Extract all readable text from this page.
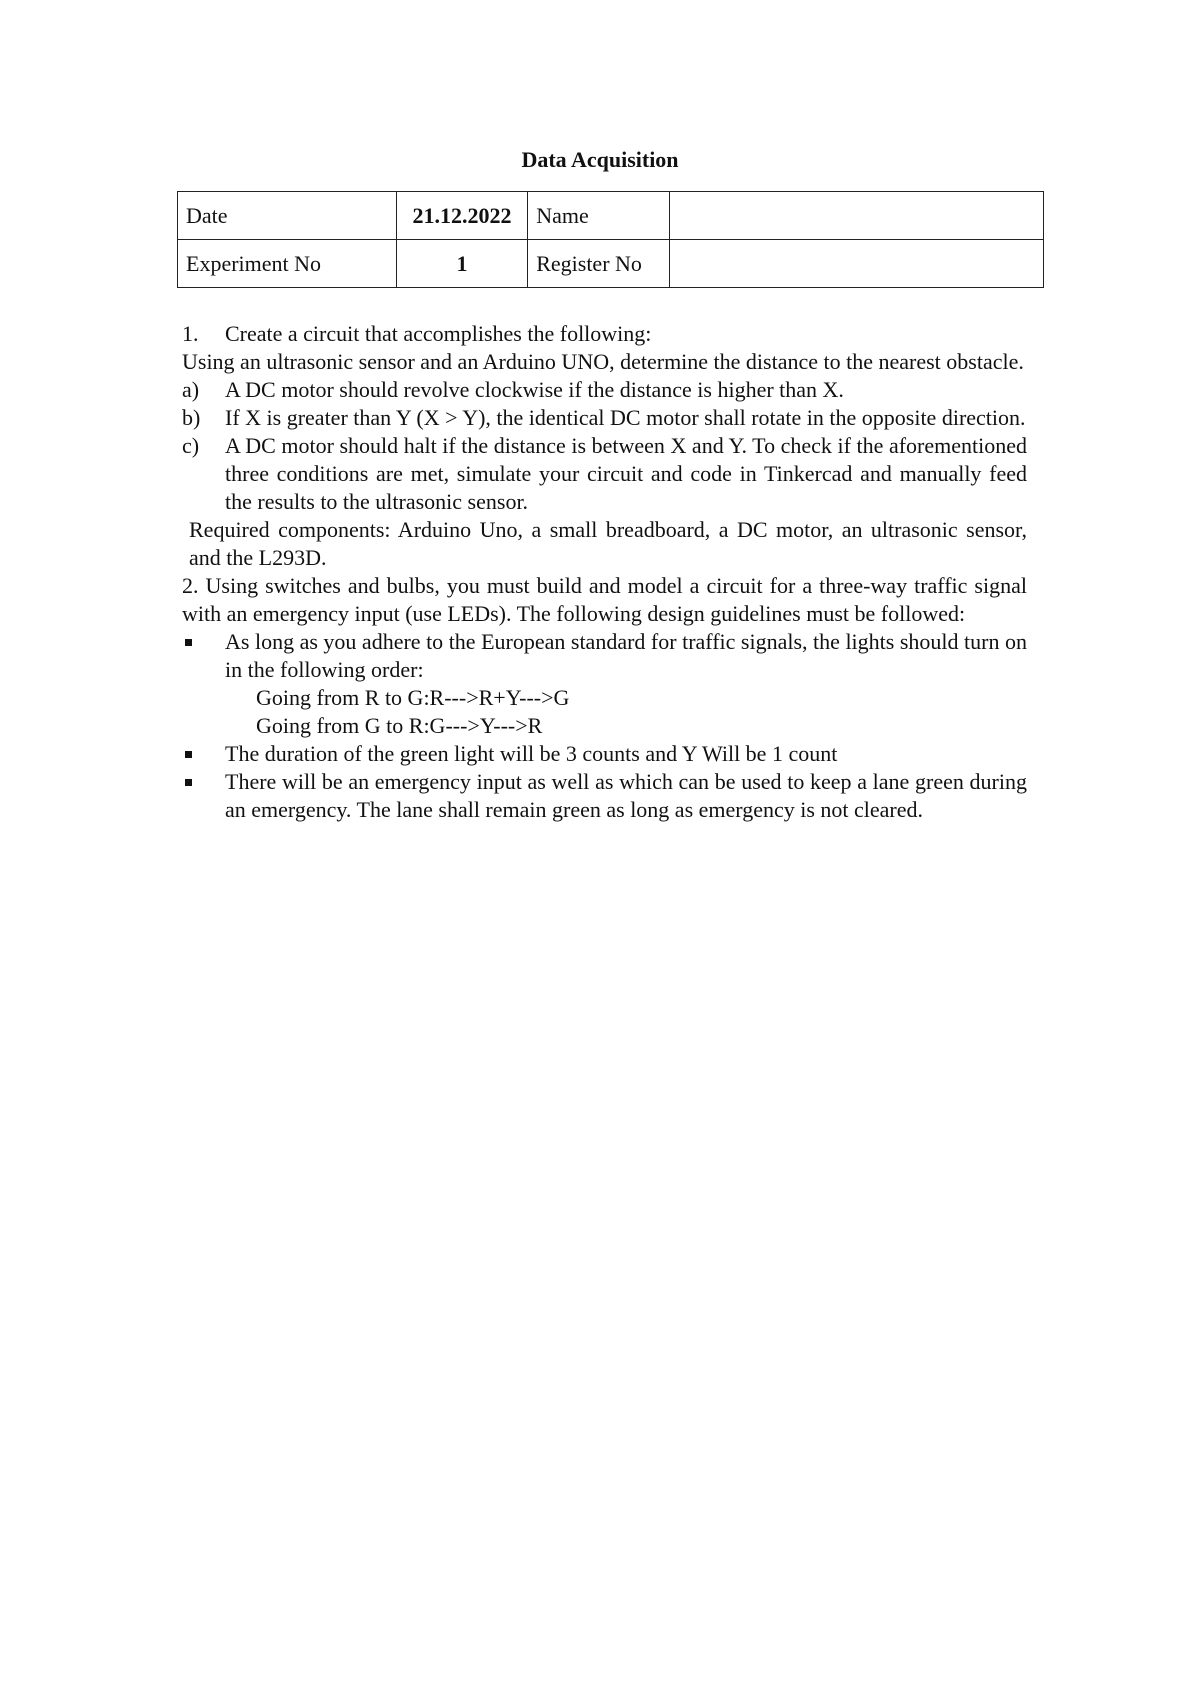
Data Acquisition
Date	21.12.2022	Name	
Experiment No	1	Register No	

1. Create a circuit that accomplishes the following:

Using an ultrasonic sensor and an Arduino UNO, determine the distance to the nearest obstacle.

a) A DC motor should revolve clockwise if the distance is higher than X.

b) If X is greater than Y (X > Y), the identical DC motor shall rotate in the opposite direction.

c) A DC motor should halt if the distance is between X and Y. To check if the aforementioned three conditions are met, simulate your circuit and code in Tinkercad and manually feed the results to the ultrasonic sensor.

Required components: Arduino Uno, a small breadboard, a DC motor, an ultrasonic sensor, and the L293D.

2. Using switches and bulbs, you must build and model a circuit for a three-way traffic signal with an emergency input (use LEDs). The following design guidelines must be followed:

As long as you adhere to the European standard for traffic signals, the lights should turn on in the following order:

Going from R to G:R--->R+Y--->G

Going from G to R:G--->Y--->R

The duration of the green light will be 3 counts and Y Will be 1 count
There will be an emergency input as well as which can be used to keep a lane green during an emergency. The lane shall remain green as long as emergency is not cleared.
